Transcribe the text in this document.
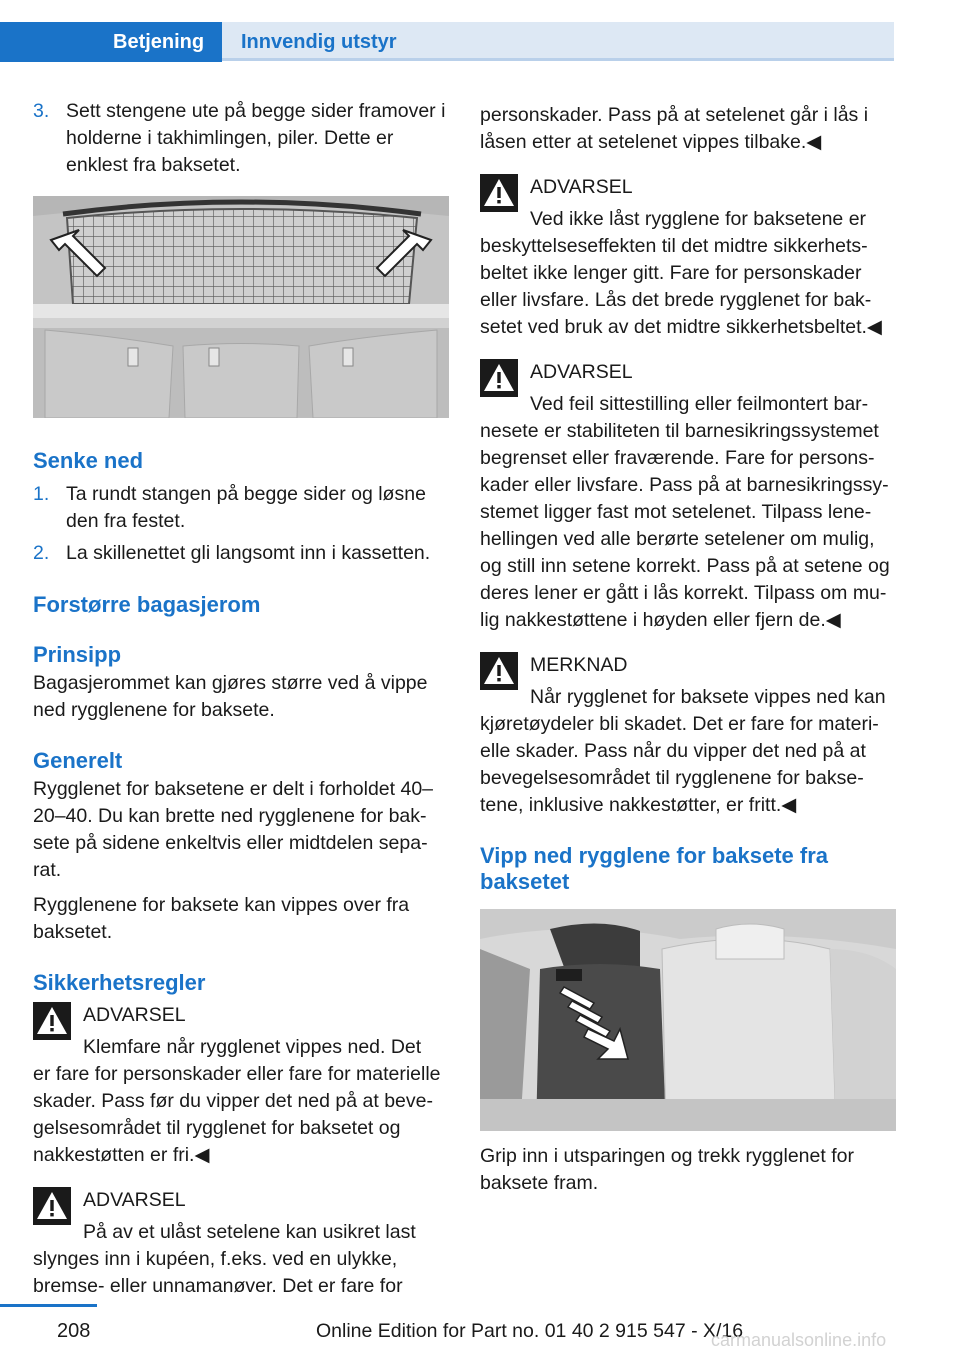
Betjening	Innvendig utstyr
3. Sett stengene ute på begge sider framover i holderne i takhimlingen, piler. Dette er enklest fra baksetet.
Senke ned
1. Ta rundt stangen på begge sider og løsne den fra festet.
2. La skillenettet gli langsomt inn i kassetten.
Forstørre bagasjerom
Prinsipp

Bagasjerommet kan gjøres større ved å vippe ned rygglenene for baksete.

Generelt

Rygglenet for baksetene er delt i forholdet 40–20–40. Du kan brette ned rygglenene for bak-sete på sidene enkeltvis eller midtdelen sepa-rat.

Rygglenene for baksete kan vippes over fra baksetet.

Sikkerhetsregler

ADVARSEL

Klemfare når rygglenet vippes ned. Det

er fare for personskader eller fare for materielle skader. Pass før du vipper det ned på at beve-gelsesområdet til rygglenet for baksetet og nakkestøtten er fri.◀

ADVARSEL

På av et ulåst setelene kan usikret last

slynges inn i kupéen, f.eks. ved en ulykke, bremse- eller unnamanøver. Det er fare for

personskader. Pass på at setelenet går i lås i låsen etter at setelenet vippes tilbake.◀

ADVARSEL

Ved ikke låst rygglene for baksetene er

beskyttelseseffekten til det midtre sikkerhets-beltet ikke lenger gitt. Fare for personskader eller livsfare. Lås det brede rygglenet for bak-setet ved bruk av det midtre sikkerhetsbeltet.◀

ADVARSEL

Ved feil sittestilling eller feilmontert bar-

nesete er stabiliteten til barnesikringssystemet begrenset eller fraværende. Fare for persons-kader eller livsfare. Pass på at barnesikringssy-stemet ligger fast mot setelenet. Tilpass lene-hellingen ved alle berørte setelener om mulig, og still inn setene korrekt. Pass på at setene og deres lener er gått i lås korrekt. Tilpass om mu-lig nakkestøttene i høyden eller fjern de.◀

MERKNAD

Når rygglenet for baksete vippes ned kan

kjøretøydeler bli skadet. Det er fare for materi-elle skader. Pass når du vipper det ned på at bevegelsesområdet til rygglenene for bakse-tene, inklusive nakkestøtter, er fritt.◀

Vipp ned rygglene for baksete fra baksetet

Grip inn i utsparingen og trekk rygglenet for baksete fram.

208	Online Edition for Part no. 01 40 2 915 547 - X/16
carmanualsonline.info
